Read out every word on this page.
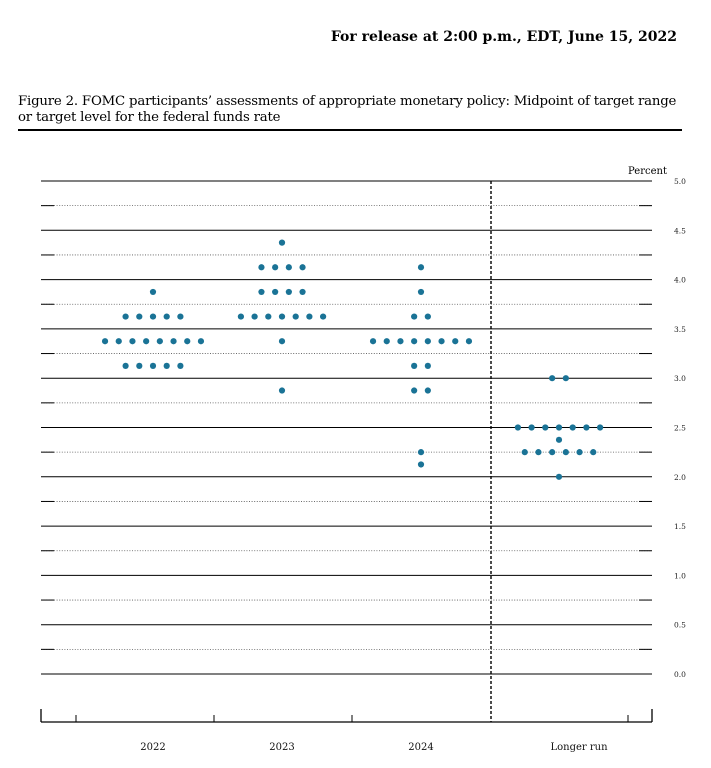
For release at 2:00 p.m., EDT, June 15, 2022
Figure 2. FOMC participants’ assessments of appropriate monetary policy: Midpoint of target range or target level for the federal funds rate
5.0
4.5
4.0
3.5
3.0
2.5
2.0
1.5
1.0
0.5
0.0
2022	2023	2024	Longer run
Percent
